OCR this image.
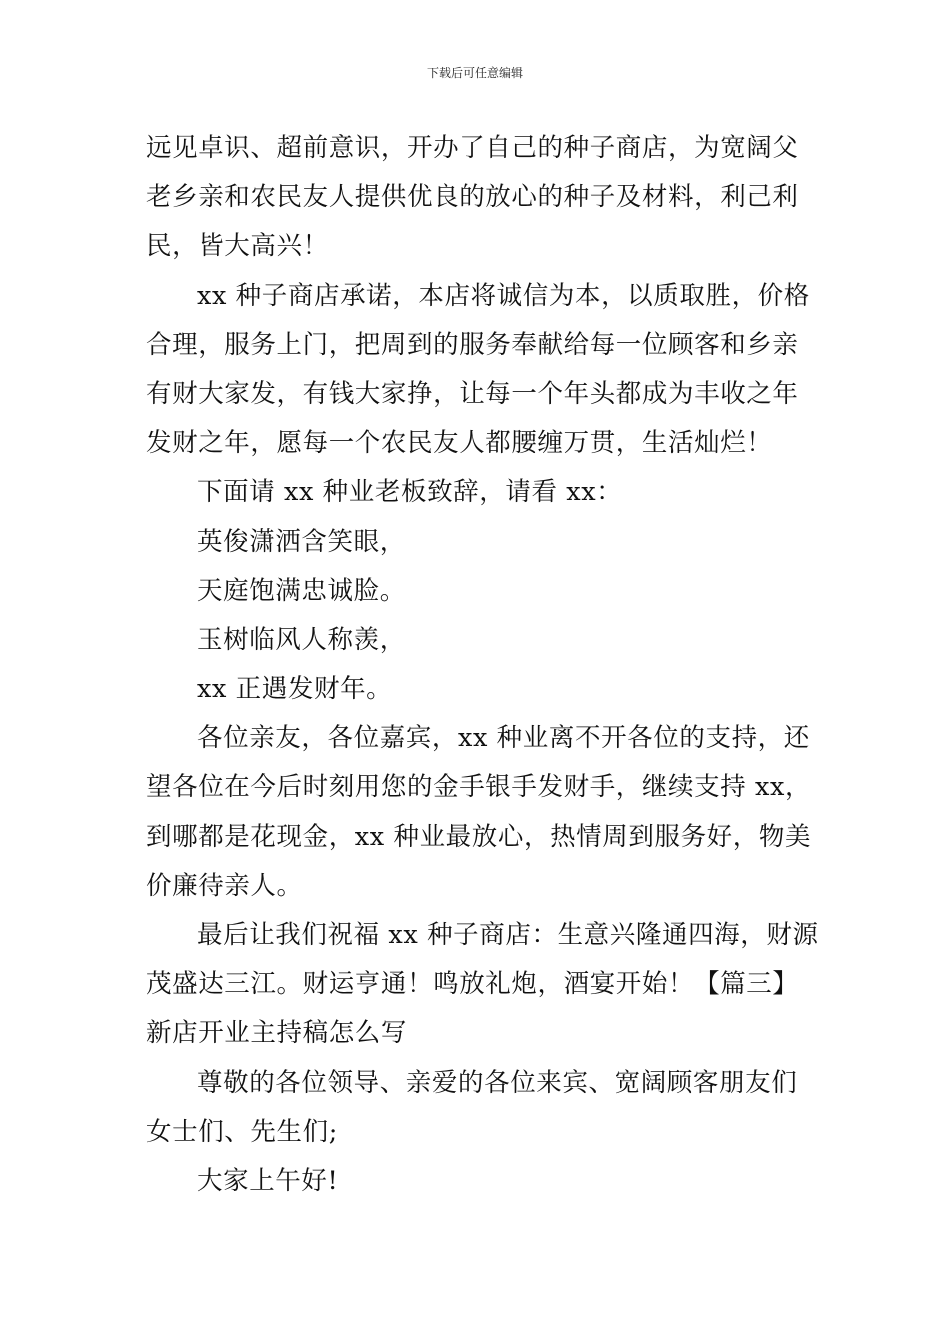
下载后可任意编辑
远见卓识、超前意识，开办了自己的种子商店，为宽阔父
老乡亲和农民友人提供优良的放心的种子及材料，利己利
民，皆大高兴！
xx 种子商店承诺，本店将诚信为本，以质取胜，价格
合理，服务上门，把周到的服务奉献给每一位顾客和乡亲
有财大家发，有钱大家挣，让每一个年头都成为丰收之年
发财之年，愿每一个农民友人都腰缠万贯，生活灿烂！
下面请 xx 种业老板致辞，请看 xx：
英俊潇洒含笑眼，
天庭饱满忠诚脸。
玉树临风人称羡，
xx 正遇发财年。
各位亲友，各位嘉宾，xx 种业离不开各位的支持，还
望各位在今后时刻用您的金手银手发财手，继续支持 xx，
到哪都是花现金，xx 种业最放心，热情周到服务好，物美
价廉待亲人。
最后让我们祝福 xx 种子商店：生意兴隆通四海，财源
茂盛达三江。财运亨通！鸣放礼炮，酒宴开始！【篇三】
新店开业主持稿怎么写
尊敬的各位领导、亲爱的各位来宾、宽阔顾客朋友们
女士们、先生们;
大家上午好!
